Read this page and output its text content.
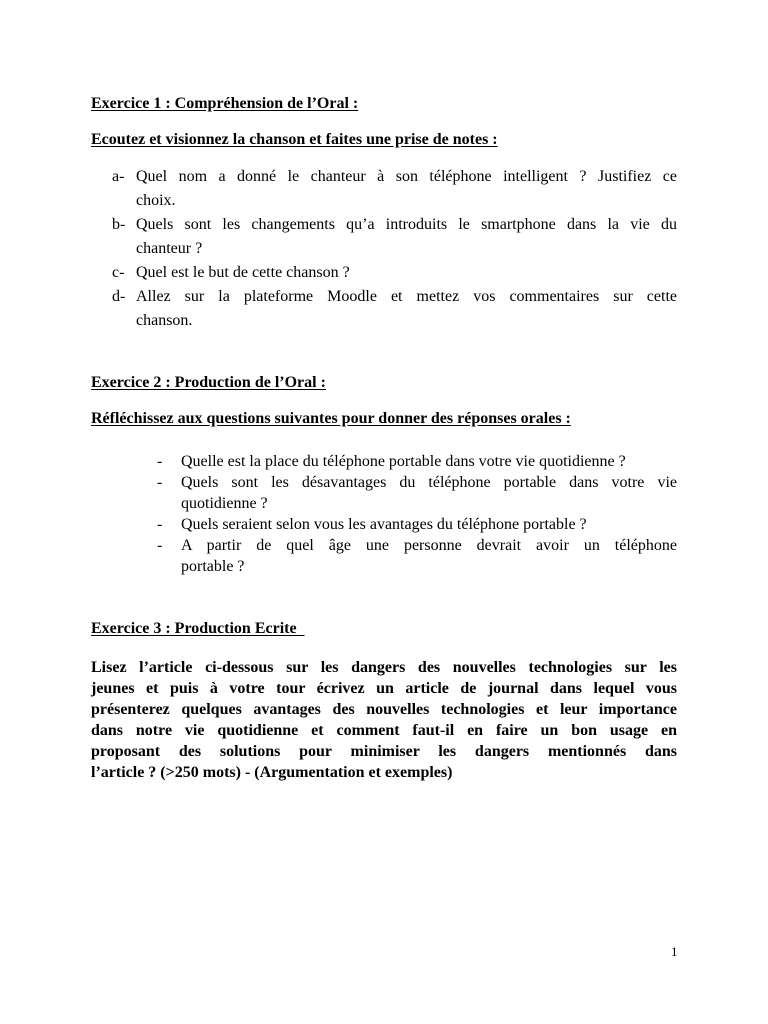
Exercice 1 : Compréhension de l’Oral :
Ecoutez et visionnez la chanson et faites une prise de notes :
a- Quel nom a donné le chanteur à son téléphone intelligent ? Justifiez ce
choix.
b- Quels sont les changements qu’a introduits le smartphone dans la vie du
chanteur ?
c- Quel est le but de cette chanson ?
d- Allez sur la plateforme Moodle et mettez vos commentaires sur cette
chanson.
Exercice 2 : Production de l’Oral :
Réfléchissez aux questions suivantes pour donner des réponses orales :
-	Quelle est la place du téléphone portable dans votre vie quotidienne ?
-	Quels sont les désavantages du téléphone portable dans votre vie
quotidienne ?
-	Quels seraient selon vous les avantages du téléphone portable ?
-	A partir de quel âge une personne devrait avoir un téléphone
portable ?
Exercice 3 : Production Ecrite
Lisez l’article ci-dessous sur les dangers des nouvelles technologies sur les
jeunes et puis à votre tour écrivez un article de journal dans lequel vous
présenterez quelques avantages des nouvelles technologies et leur importance
dans notre vie quotidienne et comment faut-il en faire un bon usage en
proposant des solutions pour minimiser les dangers mentionnés dans
l’article ? (>250 mots) - (Argumentation et exemples)
1
